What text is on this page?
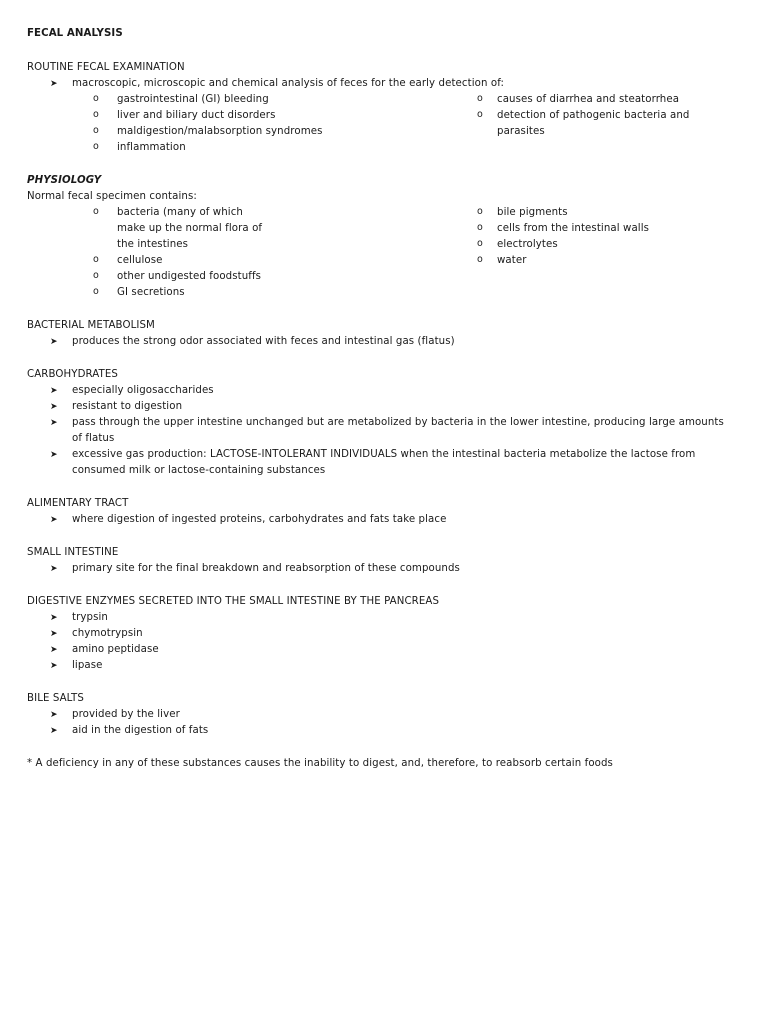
FECAL ANALYSIS
ROUTINE FECAL EXAMINATION
➤ macroscopic, microscopic and chemical analysis of feces for the early detection of:
o gastrointestinal (GI) bleeding
o liver and biliary duct disorders
o maldigestion/malabsorption syndromes
o inflammation
o causes of diarrhea and steatorrhea
o detection of pathogenic bacteria and parasites
PHYSIOLOGY
Normal fecal specimen contains:
o bacteria (many of which make up the normal flora of the intestines
o cellulose
o other undigested foodstuffs
o GI secretions
o bile pigments
o cells from the intestinal walls
o electrolytes
o water
BACTERIAL METABOLISM
➤ produces the strong odor associated with feces and intestinal gas (flatus)
CARBOHYDRATES
➤ especially oligosaccharides
➤ resistant to digestion
➤ pass through the upper intestine unchanged but are metabolized by bacteria in the lower intestine, producing large amounts of flatus
➤ excessive gas production: LACTOSE-INTOLERANT INDIVIDUALS when the intestinal bacteria metabolize the lactose from consumed milk or lactose-containing substances
ALIMENTARY TRACT
➤ where digestion of ingested proteins, carbohydrates and fats take place
SMALL INTESTINE
➤ primary site for the final breakdown and reabsorption of these compounds
DIGESTIVE ENZYMES SECRETED INTO THE SMALL INTESTINE BY THE PANCREAS
➤ trypsin
➤ chymotrypsin
➤ amino peptidase
➤ lipase
BILE SALTS
➤ provided by the liver
➤ aid in the digestion of fats
* A deficiency in any of these substances causes the inability to digest, and, therefore, to reabsorb certain foods
